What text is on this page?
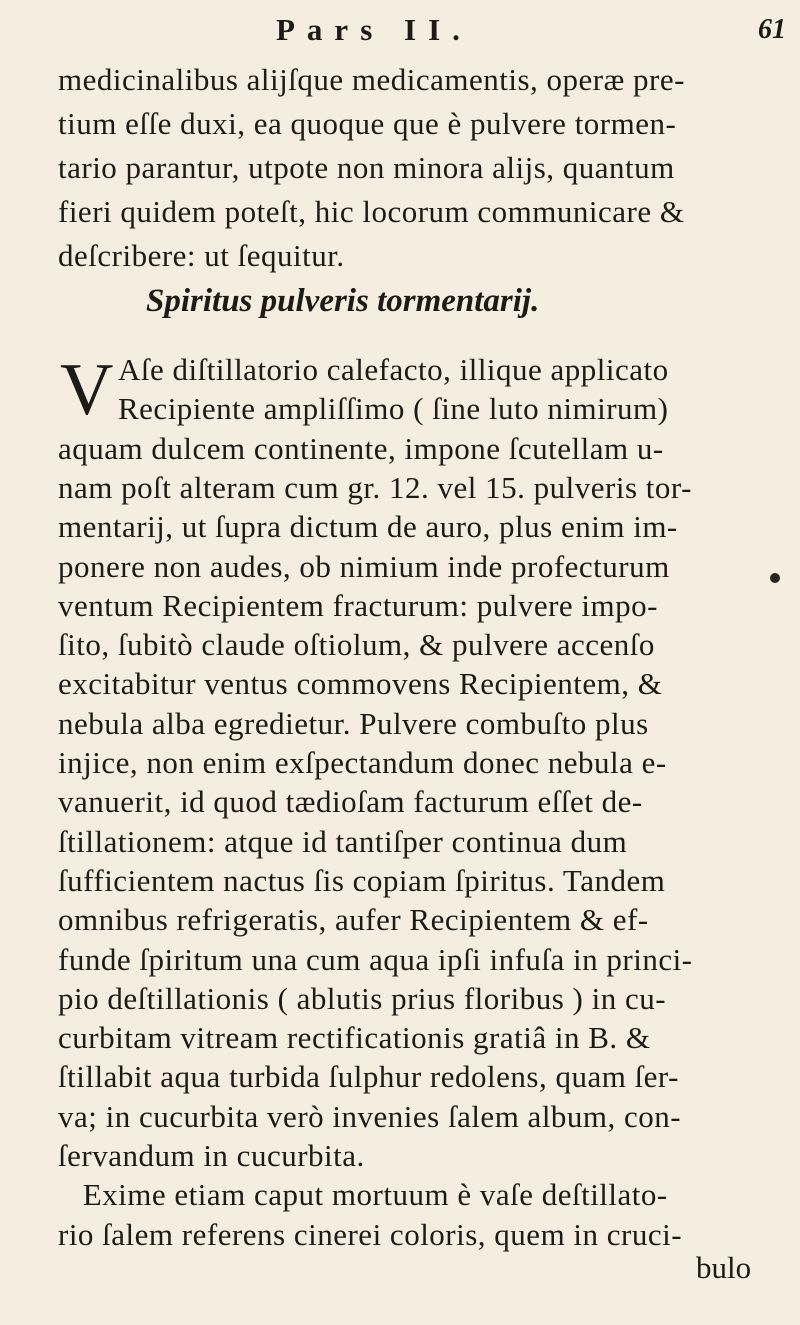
Pars II.	61
medicinalibus alijſque medicamentis, operæ pre-
tium eſſe duxi, ea quoque que è pulvere tormen-
tario parantur, utpote non minora alijs, quantum
fieri quidem poteſt, hic locorum communicare &
deſcribere: ut ſequitur.
Spiritus pulveris tormentarij.
V Aſe diſtillatorio calefacto, illique applicato
Recipiente ampliſſimo ( ſine luto nimirum)
aquam dulcem continente, impone ſcutellam u-
nam poſt alteram cum gr. 12. vel 15. pulveris tor-
mentarij, ut ſupra dictum de auro, plus enim im-
ponere non audes, ob nimium inde profecturum
ventum Recipientem fracturum: pulvere impo-
ſito, ſubitò claude oſtiolum, & pulvere accenſo
excitabitur ventus commovens Recipientem, &
nebula alba egredietur. Pulvere combuſto plus
injice, non enim exſpectandum donec nebula e-
vanuerit, id quod tædioſam facturum eſſet de-
ſtillationem: atque id tantiſper continua dum
ſufficientem nactus ſis copiam ſpiritus. Tandem
omnibus refrigeratis, aufer Recipientem & ef-
funde ſpiritum una cum aqua ipſi infuſa in princi-
pio deſtillationis ( ablutis prius floribus ) in cu-
curbitam vitream rectificationis gratiâ in B. &
ſtillabit aqua turbida ſulphur redolens, quam ſer-
va; in cucurbita verò invenies ſalem album, con-
ſervandum in cucurbita.
Exime etiam caput mortuum è vaſe deſtillato-
rio ſalem referens cinerei coloris, quem in cruci-
bulo
